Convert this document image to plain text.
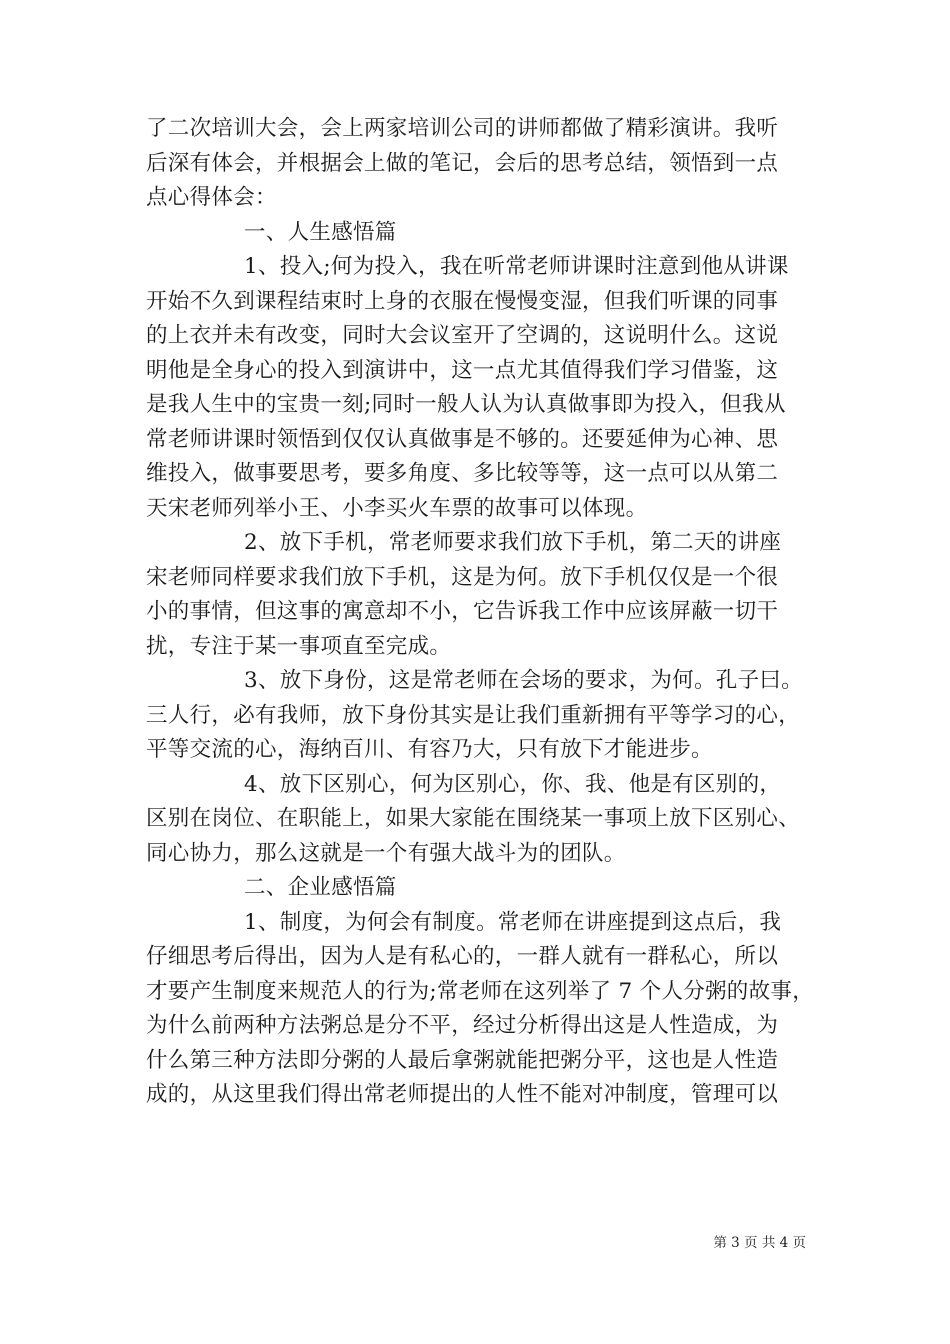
了二次培训大会，会上两家培训公司的讲师都做了精彩演讲。我听
后深有体会，并根据会上做的笔记，会后的思考总结，领悟到一点
点心得体会：
一、人生感悟篇
1、投入;何为投入，我在听常老师讲课时注意到他从讲课
开始不久到课程结束时上身的衣服在慢慢变湿，但我们听课的同事
的上衣并未有改变，同时大会议室开了空调的，这说明什么。这说
明他是全身心的投入到演讲中，这一点尤其值得我们学习借鉴，这
是我人生中的宝贵一刻;同时一般人认为认真做事即为投入，但我从
常老师讲课时领悟到仅仅认真做事是不够的。还要延伸为心神、思
维投入，做事要思考，要多角度、多比较等等，这一点可以从第二
天宋老师列举小王、小李买火车票的故事可以体现。
2、放下手机，常老师要求我们放下手机，第二天的讲座
宋老师同样要求我们放下手机，这是为何。放下手机仅仅是一个很
小的事情，但这事的寓意却不小，它告诉我工作中应该屏蔽一切干
扰，专注于某一事项直至完成。
3、放下身份，这是常老师在会场的要求，为何。孔子曰。
三人行，必有我师，放下身份其实是让我们重新拥有平等学习的心，
平等交流的心，海纳百川、有容乃大，只有放下才能进步。
4、放下区别心，何为区别心，你、我、他是有区别的，
区别在岗位、在职能上，如果大家能在围绕某一事项上放下区别心、
同心协力，那么这就是一个有强大战斗为的团队。
二、企业感悟篇
1、制度，为何会有制度。常老师在讲座提到这点后，我
仔细思考后得出，因为人是有私心的，一群人就有一群私心，所以
才要产生制度来规范人的行为;常老师在这列举了 7 个人分粥的故事，
为什么前两种方法粥总是分不平，经过分析得出这是人性造成，为
什么第三种方法即分粥的人最后拿粥就能把粥分平，这也是人性造
成的，从这里我们得出常老师提出的人性不能对冲制度，管理可以
第 3 页 共 4 页
